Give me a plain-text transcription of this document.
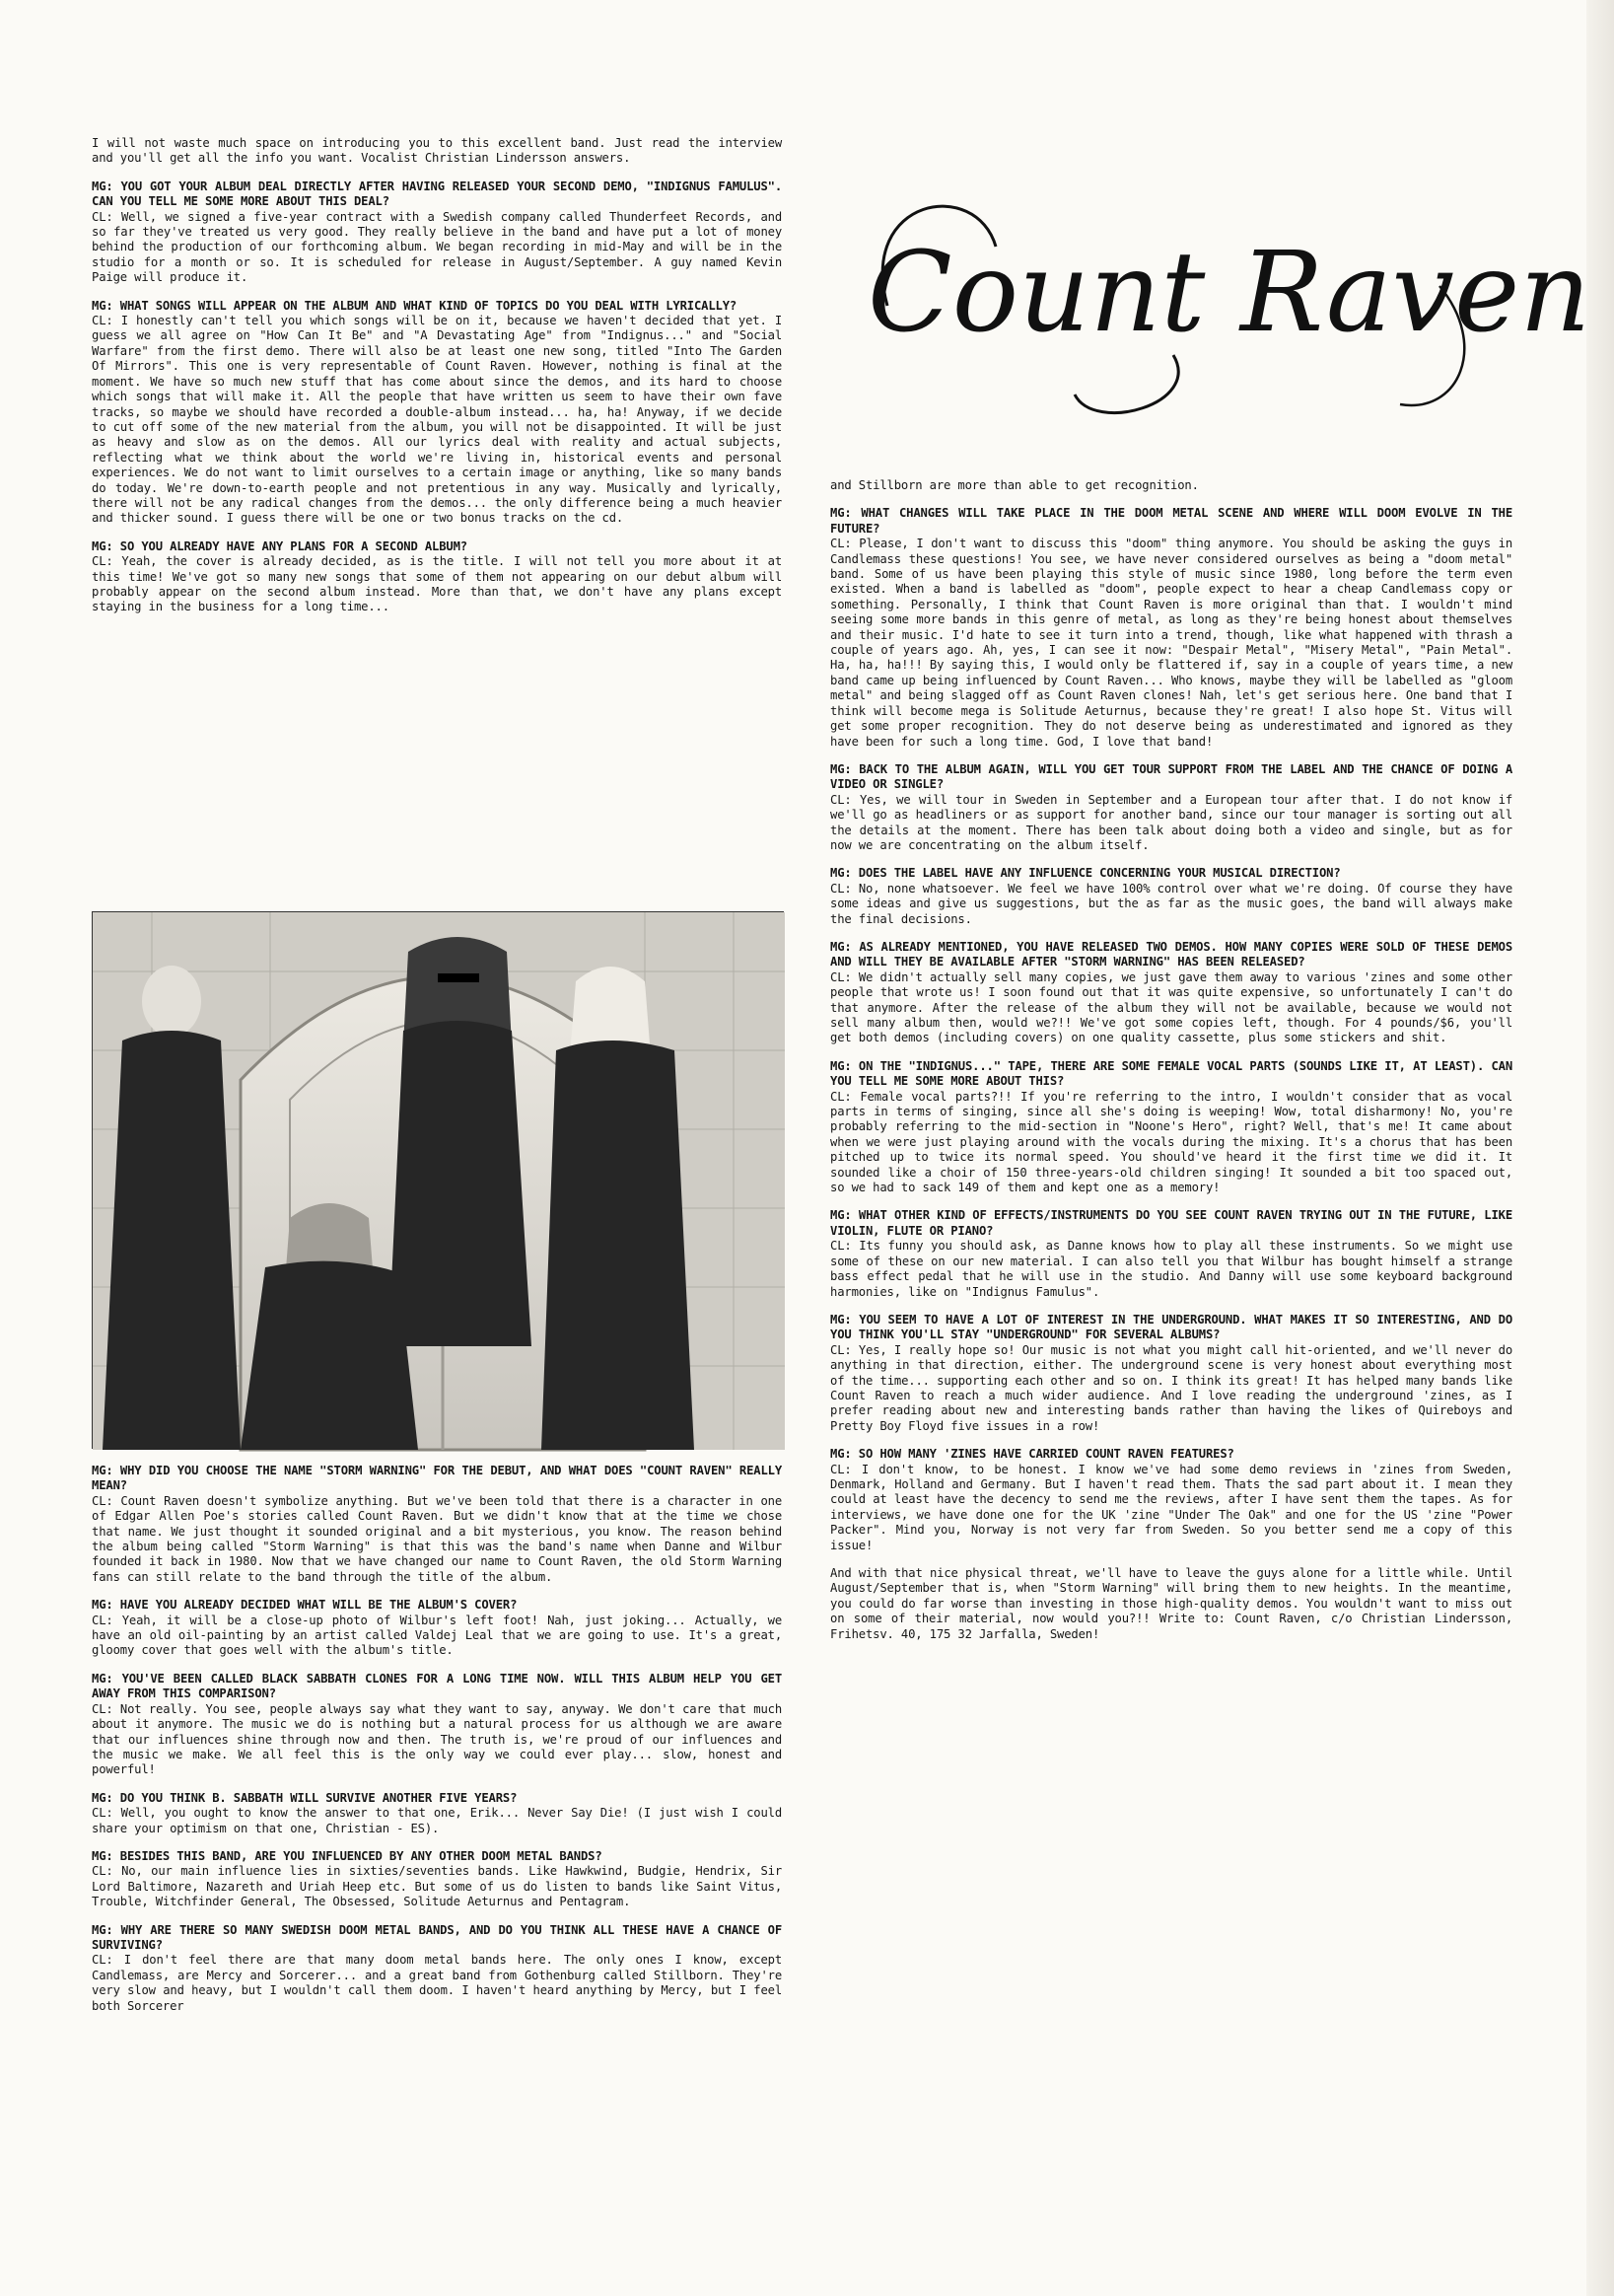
I will not waste much space on introducing you to this excellent band. Just read the interview and you'll get all the info you want. Vocalist Christian Lindersson answers.
MG: YOU GOT YOUR ALBUM DEAL DIRECTLY AFTER HAVING RELEASED YOUR SECOND DEMO, "INDIGNUS FAMULUS". CAN YOU TELL ME SOME MORE ABOUT THIS DEAL?
CL: Well, we signed a five-year contract with a Swedish company called Thunderfeet Records, and so far they've treated us very good. They really believe in the band and have put a lot of money behind the production of our forthcoming album. We began recording in mid-May and will be in the studio for a month or so. It is scheduled for release in August/September. A guy named Kevin Paige will produce it.
MG: WHAT SONGS WILL APPEAR ON THE ALBUM AND WHAT KIND OF TOPICS DO YOU DEAL WITH LYRICALLY?
CL: I honestly can't tell you which songs will be on it, because we haven't decided that yet. I guess we all agree on "How Can It Be" and "A Devastating Age" from "Indignus..." and "Social Warfare" from the first demo. There will also be at least one new song, titled "Into The Garden Of Mirrors". This one is very representable of Count Raven. However, nothing is final at the moment. We have so much new stuff that has come about since the demos, and its hard to choose which songs that will make it. All the people that have written us seem to have their own fave tracks, so maybe we should have recorded a double-album instead... ha, ha! Anyway, if we decide to cut off some of the new material from the album, you will not be disappointed. It will be just as heavy and slow as on the demos. All our lyrics deal with reality and actual subjects, reflecting what we think about the world we're living in, historical events and personal experiences. We do not want to limit ourselves to a certain image or anything, like so many bands do today. We're down-to-earth people and not pretentious in any way. Musically and lyrically, there will not be any radical changes from the demos... the only difference being a much heavier and thicker sound. I guess there will be one or two bonus tracks on the cd.
MG: SO YOU ALREADY HAVE ANY PLANS FOR A SECOND ALBUM?
CL: Yeah, the cover is already decided, as is the title. I will not tell you more about it at this time! We've got so many new songs that some of them not appearing on our debut album will probably appear on the second album instead. More than that, we don't have any plans except staying in the business for a long time...
Count Raven
MG: WHY DID YOU CHOOSE THE NAME "STORM WARNING" FOR THE DEBUT, AND WHAT DOES "COUNT RAVEN" REALLY MEAN?
CL: Count Raven doesn't symbolize anything. But we've been told that there is a character in one of Edgar Allen Poe's stories called Count Raven. But we didn't know that at the time we chose that name. We just thought it sounded original and a bit mysterious, you know. The reason behind the album being called "Storm Warning" is that this was the band's name when Danne and Wilbur founded it back in 1980. Now that we have changed our name to Count Raven, the old Storm Warning fans can still relate to the band through the title of the album.
MG: HAVE YOU ALREADY DECIDED WHAT WILL BE THE ALBUM'S COVER?
CL: Yeah, it will be a close-up photo of Wilbur's left foot! Nah, just joking... Actually, we have an old oil-painting by an artist called Valdej Leal that we are going to use. It's a great, gloomy cover that goes well with the album's title.
MG: YOU'VE BEEN CALLED BLACK SABBATH CLONES FOR A LONG TIME NOW. WILL THIS ALBUM HELP YOU GET AWAY FROM THIS COMPARISON?
CL: Not really. You see, people always say what they want to say, anyway. We don't care that much about it anymore. The music we do is nothing but a natural process for us although we are aware that our influences shine through now and then. The truth is, we're proud of our influences and the music we make. We all feel this is the only way we could ever play... slow, honest and powerful!
MG: DO YOU THINK B. SABBATH WILL SURVIVE ANOTHER FIVE YEARS?
CL: Well, you ought to know the answer to that one, Erik... Never Say Die! (I just wish I could share your optimism on that one, Christian - ES).
MG: BESIDES THIS BAND, ARE YOU INFLUENCED BY ANY OTHER DOOM METAL BANDS?
CL: No, our main influence lies in sixties/seventies bands. Like Hawkwind, Budgie, Hendrix, Sir Lord Baltimore, Nazareth and Uriah Heep etc. But some of us do listen to bands like Saint Vitus, Trouble, Witchfinder General, The Obsessed, Solitude Aeturnus and Pentagram.
MG: WHY ARE THERE SO MANY SWEDISH DOOM METAL BANDS, AND DO YOU THINK ALL THESE HAVE A CHANCE OF SURVIVING?
CL: I don't feel there are that many doom metal bands here. The only ones I know, except Candlemass, are Mercy and Sorcerer... and a great band from Gothenburg called Stillborn. They're very slow and heavy, but I wouldn't call them doom. I haven't heard anything by Mercy, but I feel both Sorcerer
and Stillborn are more than able to get recognition.
MG: WHAT CHANGES WILL TAKE PLACE IN THE DOOM METAL SCENE AND WHERE WILL DOOM EVOLVE IN THE FUTURE?
CL: Please, I don't want to discuss this "doom" thing anymore. You should be asking the guys in Candlemass these questions! You see, we have never considered ourselves as being a "doom metal" band. Some of us have been playing this style of music since 1980, long before the term even existed. When a band is labelled as "doom", people expect to hear a cheap Candlemass copy or something. Personally, I think that Count Raven is more original than that. I wouldn't mind seeing some more bands in this genre of metal, as long as they're being honest about themselves and their music. I'd hate to see it turn into a trend, though, like what happened with thrash a couple of years ago. Ah, yes, I can see it now: "Despair Metal", "Misery Metal", "Pain Metal". Ha, ha, ha!!! By saying this, I would only be flattered if, say in a couple of years time, a new band came up being influenced by Count Raven... Who knows, maybe they will be labelled as "gloom metal" and being slagged off as Count Raven clones! Nah, let's get serious here. One band that I think will become mega is Solitude Aeturnus, because they're great! I also hope St. Vitus will get some proper recognition. They do not deserve being as underestimated and ignored as they have been for such a long time. God, I love that band!
MG: BACK TO THE ALBUM AGAIN, WILL YOU GET TOUR SUPPORT FROM THE LABEL AND THE CHANCE OF DOING A VIDEO OR SINGLE?
CL: Yes, we will tour in Sweden in September and a European tour after that. I do not know if we'll go as headliners or as support for another band, since our tour manager is sorting out all the details at the moment. There has been talk about doing both a video and single, but as for now we are concentrating on the album itself.
MG: DOES THE LABEL HAVE ANY INFLUENCE CONCERNING YOUR MUSICAL DIRECTION?
CL: No, none whatsoever. We feel we have 100% control over what we're doing. Of course they have some ideas and give us suggestions, but the as far as the music goes, the band will always make the final decisions.
MG: AS ALREADY MENTIONED, YOU HAVE RELEASED TWO DEMOS. HOW MANY COPIES WERE SOLD OF THESE DEMOS AND WILL THEY BE AVAILABLE AFTER "STORM WARNING" HAS BEEN RELEASED?
CL: We didn't actually sell many copies, we just gave them away to various 'zines and some other people that wrote us! I soon found out that it was quite expensive, so unfortunately I can't do that anymore. After the release of the album they will not be available, because we would not sell many album then, would we?!! We've got some copies left, though. For 4 pounds/$6, you'll get both demos (including covers) on one quality cassette, plus some stickers and shit.
MG: ON THE "INDIGNUS..." TAPE, THERE ARE SOME FEMALE VOCAL PARTS (SOUNDS LIKE IT, AT LEAST). CAN YOU TELL ME SOME MORE ABOUT THIS?
CL: Female vocal parts?!! If you're referring to the intro, I wouldn't consider that as vocal parts in terms of singing, since all she's doing is weeping! Wow, total disharmony! No, you're probably referring to the mid-section in "Noone's Hero", right? Well, that's me! It came about when we were just playing around with the vocals during the mixing. It's a chorus that has been pitched up to twice its normal speed. You should've heard it the first time we did it. It sounded like a choir of 150 three-years-old children singing! It sounded a bit too spaced out, so we had to sack 149 of them and kept one as a memory!
MG: WHAT OTHER KIND OF EFFECTS/INSTRUMENTS DO YOU SEE COUNT RAVEN TRYING OUT IN THE FUTURE, LIKE VIOLIN, FLUTE OR PIANO?
CL: Its funny you should ask, as Danne knows how to play all these instruments. So we might use some of these on our new material. I can also tell you that Wilbur has bought himself a strange bass effect pedal that he will use in the studio. And Danny will use some keyboard background harmonies, like on "Indignus Famulus".
MG: YOU SEEM TO HAVE A LOT OF INTEREST IN THE UNDERGROUND. WHAT MAKES IT SO INTERESTING, AND DO YOU THINK YOU'LL STAY "UNDERGROUND" FOR SEVERAL ALBUMS?
CL: Yes, I really hope so! Our music is not what you might call hit-oriented, and we'll never do anything in that direction, either. The underground scene is very honest about everything most of the time... supporting each other and so on. I think its great! It has helped many bands like Count Raven to reach a much wider audience. And I love reading the underground 'zines, as I prefer reading about new and interesting bands rather than having the likes of Quireboys and Pretty Boy Floyd five issues in a row!
MG: SO HOW MANY 'ZINES HAVE CARRIED COUNT RAVEN FEATURES?
CL: I don't know, to be honest. I know we've had some demo reviews in 'zines from Sweden, Denmark, Holland and Germany. But I haven't read them. Thats the sad part about it. I mean they could at least have the decency to send me the reviews, after I have sent them the tapes. As for interviews, we have done one for the UK 'zine "Under The Oak" and one for the US 'zine "Power Packer". Mind you, Norway is not very far from Sweden. So you better send me a copy of this issue!
And with that nice physical threat, we'll have to leave the guys alone for a little while. Until August/September that is, when "Storm Warning" will bring them to new heights. In the meantime, you could do far worse than investing in those high-quality demos. You wouldn't want to miss out on some of their material, now would you?!! Write to: Count Raven, c/o Christian Lindersson, Frihetsv. 40, 175 32 Jarfalla, Sweden!
